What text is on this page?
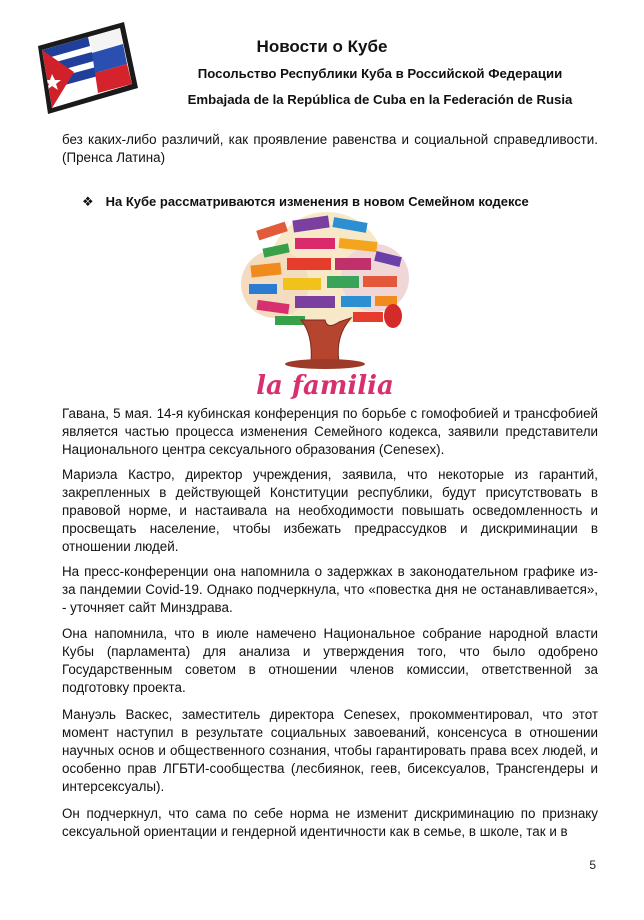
Новости о Кубе
Посольство Республики Куба в Российской Федерации
Embajada de la República de Cuba en la Federación de Rusia
без каких-либо различий, как проявление равенства и социальной справедливости. (Пренса Латина)
❖ На Кубе рассматриваются изменения в новом Семейном кодексе
la familia
Гавана, 5 мая. 14-я кубинская конференция по борьбе с гомофобией и трансфобией является частью процесса изменения Семейного кодекса, заявили представители Национального центра сексуального образования (Cenesex).
Мариэла Кастро, директор учреждения, заявила, что некоторые из гарантий, закрепленных в действующей Конституции республики, будут присутствовать в правовой норме, и настаивала на необходимости повышать осведомленность и просвещать население, чтобы избежать предрассудков и дискриминации в отношении людей.
На пресс-конференции она напомнила о задержках в законодательном графике из-за пандемии Covid-19. Однако подчеркнула, что «повестка дня не останавливается», - уточняет сайт Минздрава.
Она напомнила, что в июле намечено Национальное собрание народной власти Кубы (парламента) для анализа и утверждения того, что было одобрено Государственным советом в отношении членов комиссии, ответственной за подготовку проекта.
Мануэль Васкес, заместитель директора Cenesex, прокомментировал, что этот момент наступил в результате социальных завоеваний, консенсуса в отношении научных основ и общественного сознания, чтобы гарантировать права всех людей, и особенно прав ЛГБТИ-сообщества (лесбиянок, геев, бисексуалов, Трансгендеры и интерсексуалы).
Он подчеркнул, что сама по себе норма не изменит дискриминацию по признаку сексуальной ориентации и гендерной идентичности как в семье, в школе, так и в
5
